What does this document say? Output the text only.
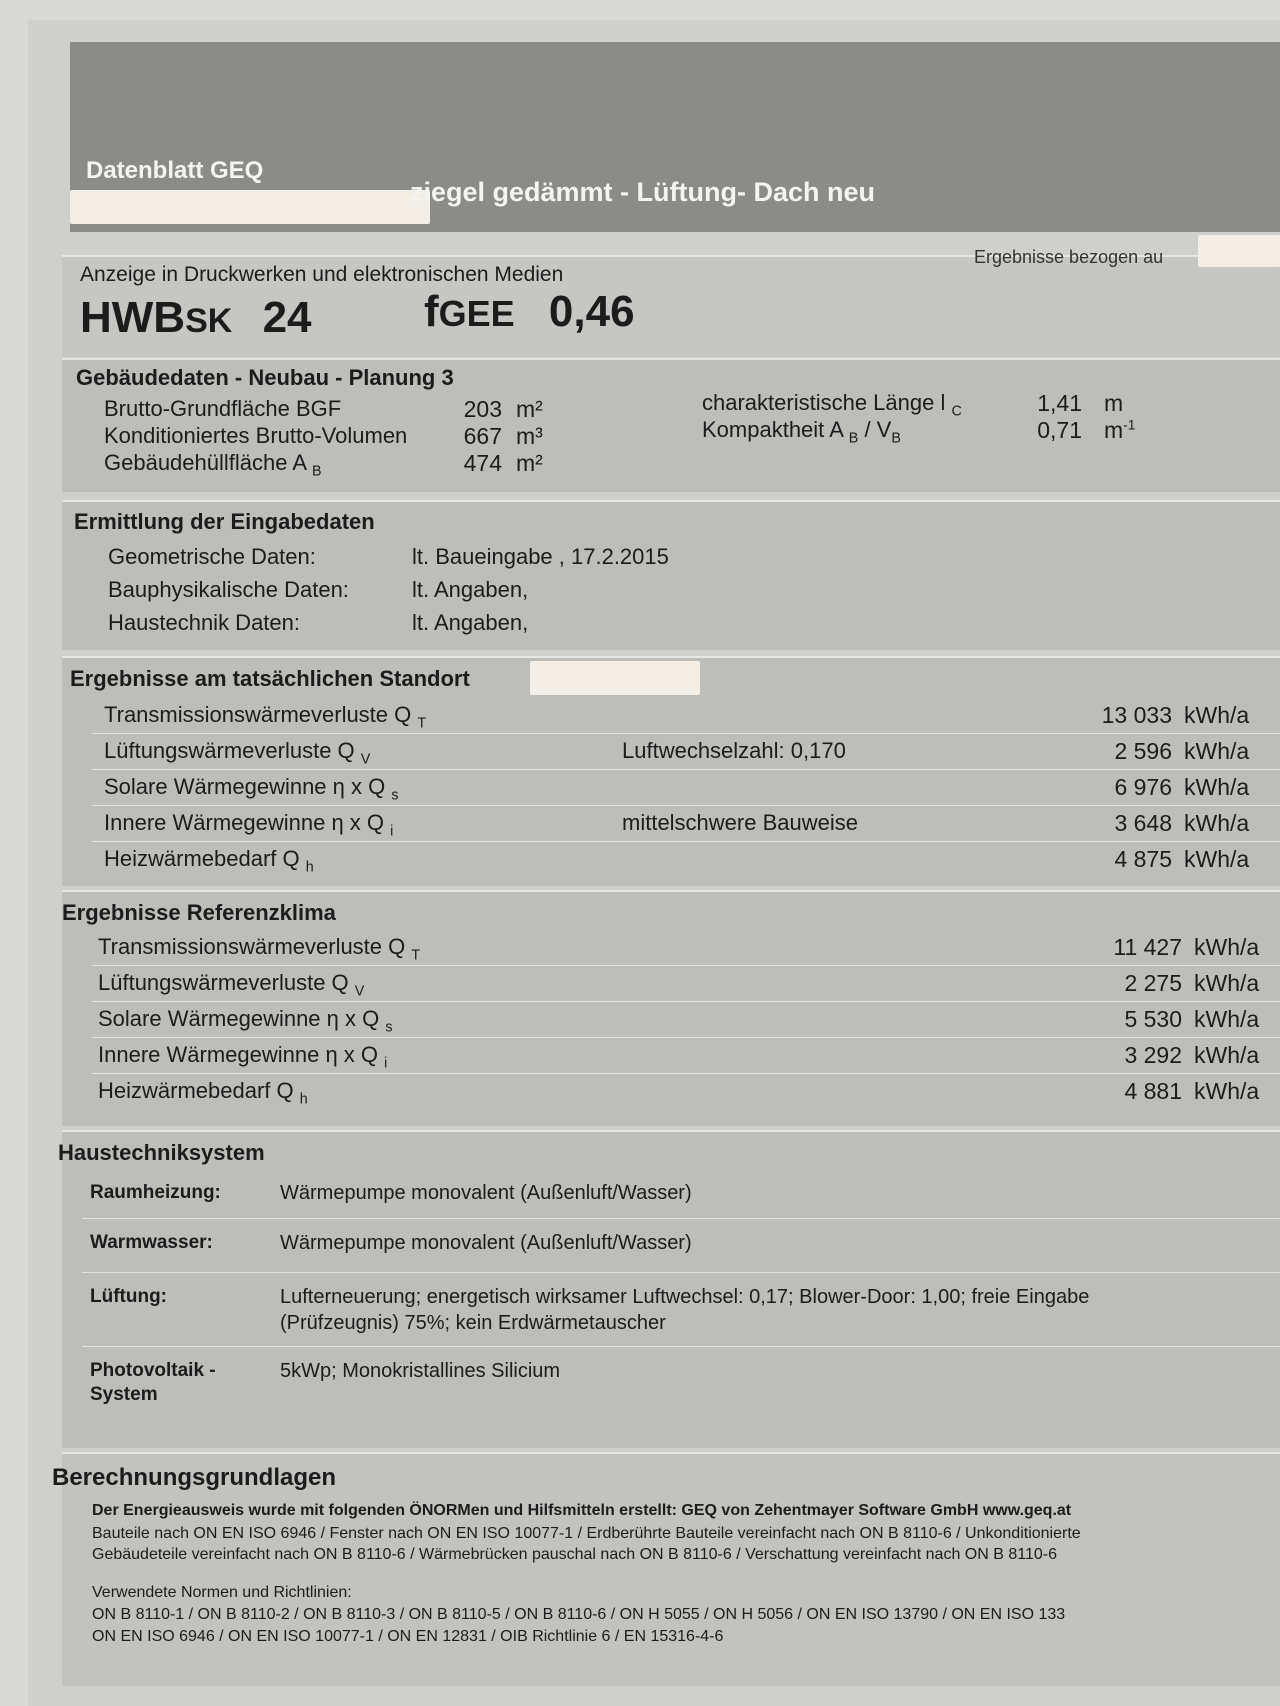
Datenblatt GEQ
ziegel gedämmt - Lüftung- Dach neu
Anzeige in Druckwerken und elektronischen Medien
Ergebnisse bezogen au
HWBSK 24	fGEE 0,46
Gebäudedaten - Neubau - Planung 3
Brutto-Grundfläche BGF	203 m²
Konditioniertes Brutto-Volumen	667 m³
Gebäudehüllfläche A $_B$	474 m²
charakteristische Länge l $_C$	1,41 m
Kompaktheit A $_B / V_B$	0,71 $m^{-1}$
Ermittlung der Eingabedaten
Geometrische Daten:	lt. Baueingabe , 17.2.2015
Bauphysikalische Daten:	lt. Angaben,
Haustechnik Daten:	lt. Angaben,
Ergebnisse am tatsächlichen Standort
Transmissionswärmeverluste Q $_T$	13 033 kWh/a
Lüftungswärmeverluste Q $_V$	Luftwechselzahl: 0,170	2 596 kWh/a
Solare Wärmegewinne η x Q $_s$	6 976 kWh/a
Innere Wärmegewinne η x Q $_i$	mittelschwere Bauweise	3 648 kWh/a
Heizwärmebedarf Q $_h$	4 875 kWh/a
Ergebnisse Referenzklima
Transmissionswärmeverluste Q $_T$	11 427 kWh/a
Lüftungswärmeverluste Q $_V$	2 275 kWh/a
Solare Wärmegewinne η x Q $_s$	5 530 kWh/a
Innere Wärmegewinne η x Q $_i$	3 292 kWh/a
Heizwärmebedarf Q $_h$	4 881 kWh/a
Haustechniksystem
Raumheizung:	Wärmepumpe monovalent (Außenluft/Wasser)
Warmwasser:	Wärmepumpe monovalent (Außenluft/Wasser)
Lüftung:	Lufterneuerung; energetisch wirksamer Luftwechsel: 0,17; Blower-Door: 1,00; freie Eingabe
(Prüfzeugnis) 75%; kein Erdwärmetauscher
Photovoltaik -
System
5kWp; Monokristallines Silicium
Berechnungsgrundlagen
Der Energieausweis wurde mit folgenden ÖNORMen und Hilfsmitteln erstellt: GEQ von Zehentmayer Software GmbH www.geq.at
Bauteile nach ON EN ISO 6946 / Fenster nach ON EN ISO 10077-1 / Erdberührte Bauteile vereinfacht nach ON B 8110-6 / Unkonditionierte
Gebäudeteile vereinfacht nach ON B 8110-6 / Wärmebrücken pauschal nach ON B 8110-6 / Verschattung vereinfacht nach ON B 8110-6
Verwendete Normen und Richtlinien:
ON B 8110-1 / ON B 8110-2 / ON B 8110-3 / ON B 8110-5 / ON B 8110-6 / ON H 5055 / ON H 5056 / ON EN ISO 13790 / ON EN ISO 133
ON EN ISO 6946 / ON EN ISO 10077-1 / ON EN 12831 / OIB Richtlinie 6 / EN 15316-4-6
